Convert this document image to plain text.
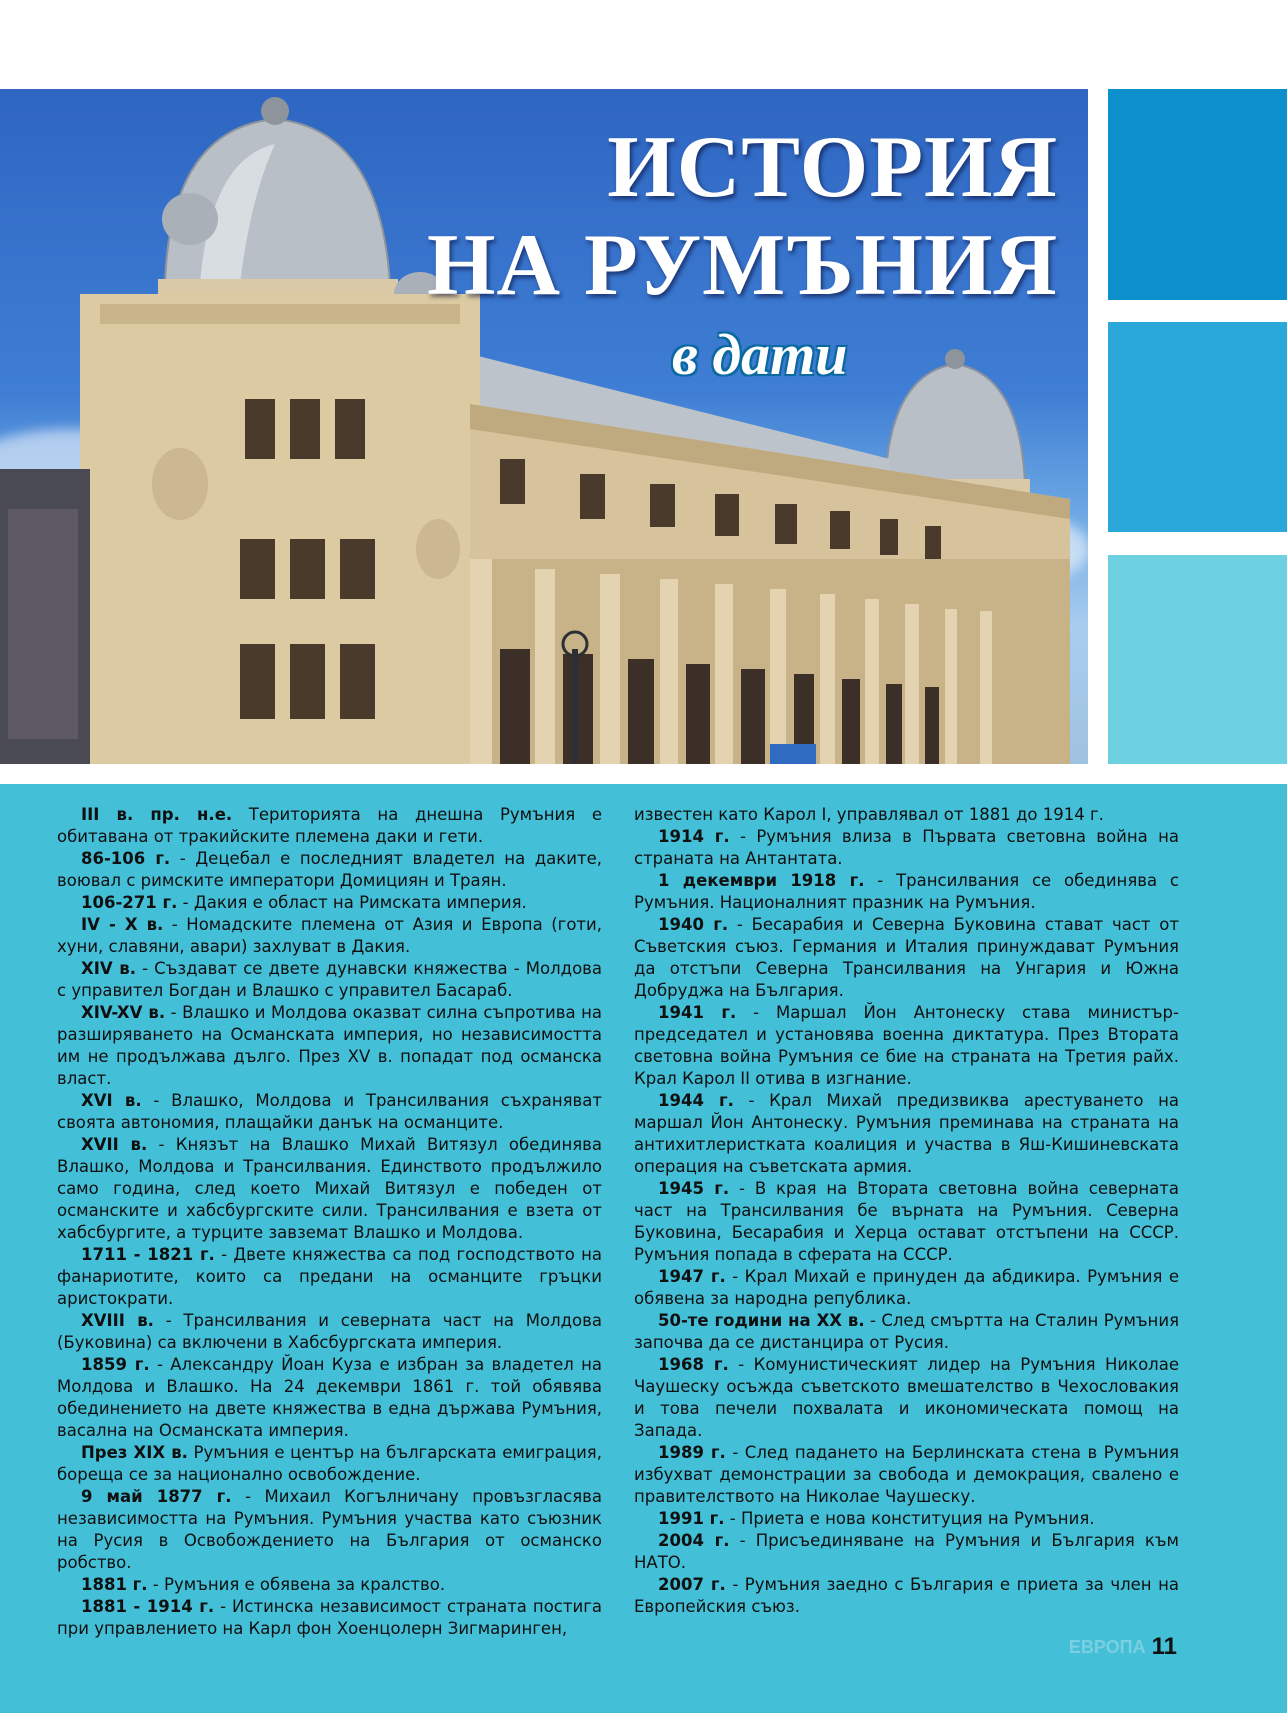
ИСТОРИЯ
НА РУМЪНИЯ
в дати

III в. пр. н.е. Територията на днешна Румъния е обитавана от тракийските племена даки и гети.

86-106 г. - Децебал е последният владетел на даките, воювал с римските императори Домициян и Траян.

106-271 г. - Дакия е област на Римската империя.

IV - X в. - Номадските племена от Азия и Европа (готи, хуни, славяни, авари) захлуват в Дакия.

XIV в. - Създават се двете дунавски княжества - Молдова с управител Богдан и Влашко с управител Басараб.

XIV-XV в. - Влашко и Молдова оказват силна съпротива на разширяването на Османската империя, но независимостта им не продължава дълго. През XV в. попадат под османска власт.

XVI в. - Влашко, Молдова и Трансилвания съхраняват своята автономия, плащайки данък на османците.

XVII в. - Князът на Влашко Михай Витязул обединява Влашко, Молдова и Трансилвания. Единството продължило само година, след което Михай Витязул е победен от османските и хабсбургските сили. Трансилвания е взета от хабсбургите, а турците завземат Влашко и Молдова.

1711 - 1821 г. - Двете княжества са под господството на фанариотите, които са предани на османците гръцки аристократи.

XVIII в. - Трансилвания и северната част на Молдова (Буковина) са включени в Хабсбургската империя.

1859 г. - Александру Йоан Куза е избран за владетел на Молдова и Влашко. На 24 декември 1861 г. той обявява обединението на двете княжества в една държава Румъния, васална на Османската империя.

През XIX в. Румъния е център на българската емиграция, бореща се за национално освобождение.

9 май 1877 г. - Михаил Когълничану провъзгласява независимостта на Румъния. Румъния участва като съюзник на Русия в Освобождението на България от османско робство.

1881 г. - Румъния е обявена за кралство.

1881 - 1914 г. - Истинска независимост страната постига при управлението на Карл фон Хоенцолерн Зигмаринген,

известен като Карол I, управлявал от 1881 до 1914 г.

1914 г. - Румъния влиза в Първата световна война на страната на Антантата.

1 декември 1918 г. - Трансилвания се обединява с Румъния. Националният празник на Румъния.

1940 г. - Бесарабия и Северна Буковина стават част от Съветския съюз. Германия и Италия принуждават Румъния да отстъпи Северна Трансилвания на Унгария и Южна Добруджа на България.

1941 г. - Маршал Йон Антонеску става министър-председател и установява военна диктатура. През Втората световна война Румъния се бие на страната на Третия райх. Крал Карол II отива в изгнание.

1944 г. - Крал Михай предизвиква арестуването на маршал Йон Антонеску. Румъния преминава на страната на антихитлеристката коалиция и участва в Яш-Кишиневската операция на съветската армия.

1945 г. - В края на Втората световна война северната част на Трансилвания бе върната на Румъния. Северна Буковина, Бесарабия и Херца остават отстъпени на СССР. Румъния попада в сферата на СССР.

1947 г. - Крал Михай е принуден да абдикира. Румъния е обявена за народна република.

50-те години на XX в. - След смъртта на Сталин Румъния започва да се дистанцира от Русия.

1968 г. - Комунистическият лидер на Румъния Николае Чаушеску осъжда съветското вмешателство в Чехословакия и това печели похвалата и икономическата помощ на Запада.

1989 г. - След падането на Берлинската стена в Румъния избухват демонстрации за свобода и демокрация, свалено е правителството на Николае Чаушеску.

1991 г. - Приета е нова конституция на Румъния.

2004 г. - Присъединяване на Румъния и България към НАТО.

2007 г. - Румъния заедно с България е приета за член на Европейския съюз.

ЕВРОПА 11
